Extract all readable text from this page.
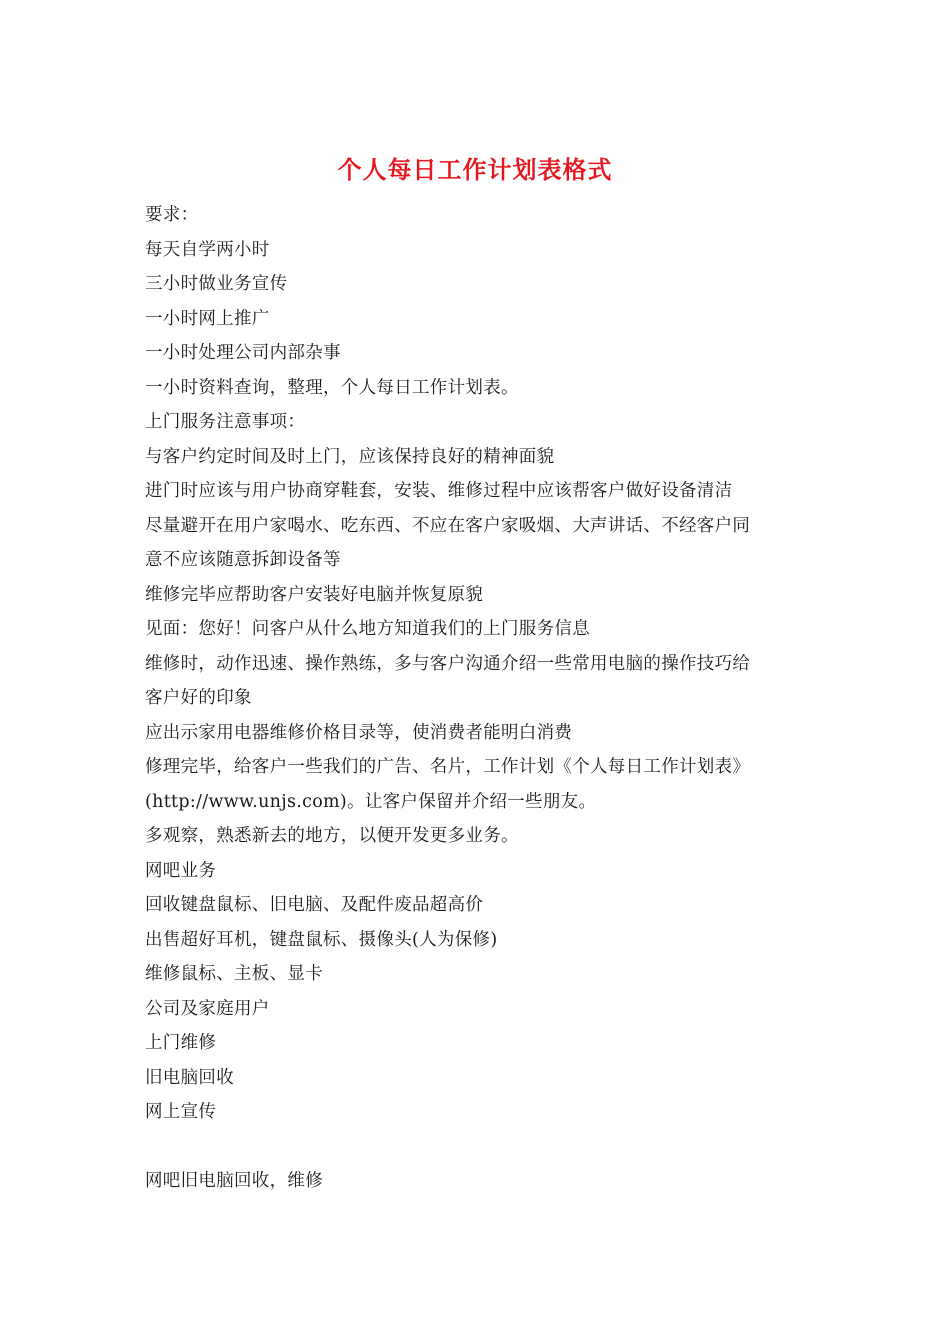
个人每日工作计划表格式
要求：
每天自学两小时
三小时做业务宣传
一小时网上推广
一小时处理公司内部杂事
一小时资料查询，整理，个人每日工作计划表。
上门服务注意事项：
与客户约定时间及时上门，应该保持良好的精神面貌
进门时应该与用户协商穿鞋套，安装、维修过程中应该帮客户做好设备清洁
尽量避开在用户家喝水、吃东西、不应在客户家吸烟、大声讲话、不经客户同
意不应该随意拆卸设备等
维修完毕应帮助客户安装好电脑并恢复原貌
见面：您好！问客户从什么地方知道我们的上门服务信息
维修时，动作迅速、操作熟练，多与客户沟通介绍一些常用电脑的操作技巧给
客户好的印象
应出示家用电器维修价格目录等，使消费者能明白消费
修理完毕，给客户一些我们的广告、名片，工作计划《个人每日工作计划表》
(http://www.unjs.com)。让客户保留并介绍一些朋友。
多观察，熟悉新去的地方，以便开发更多业务。
网吧业务
回收键盘鼠标、旧电脑、及配件废品超高价
出售超好耳机，键盘鼠标、摄像头(人为保修)
维修鼠标、主板、显卡
公司及家庭用户
上门维修
旧电脑回收
网上宣传
网吧旧电脑回收，维修
